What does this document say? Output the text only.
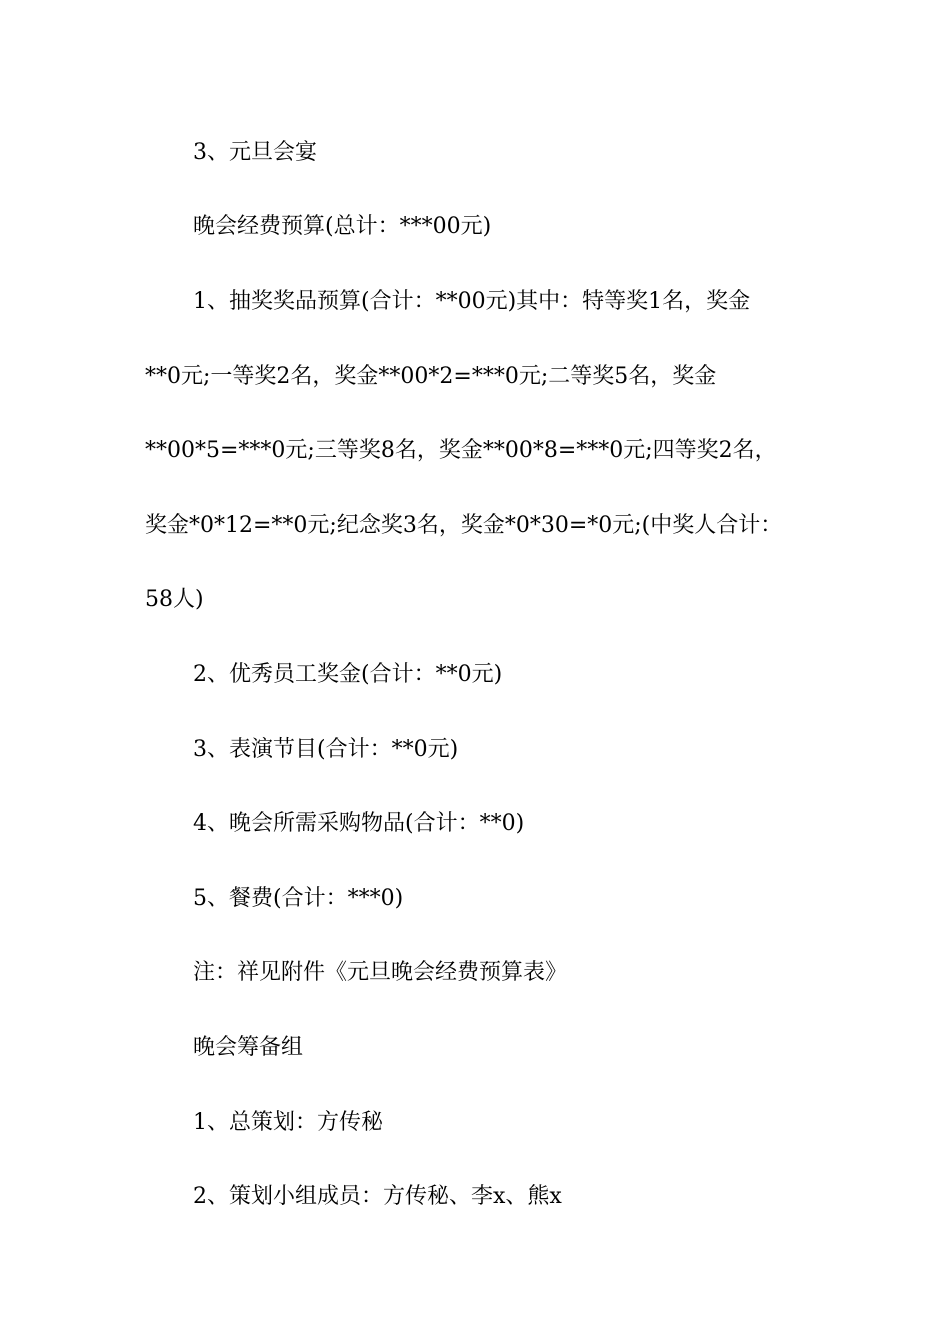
3、元旦会宴

晚会经费预算(总计：***00元)

1、抽奖奖品预算(合计：**00元)其中：特等奖1名，奖金

**0元;一等奖2名，奖金**00*2=***0元;二等奖5名，奖金

**00*5=***0元;三等奖8名，奖金**00*8=***0元;四等奖2名，

奖金*0*12=**0元;纪念奖3名，奖金*0*30=*0元;(中奖人合计：

58人)

2、优秀员工奖金(合计：**0元)

3、表演节目(合计：**0元)

4、晚会所需采购物品(合计：**0)

5、餐费(合计：***0)

注：祥见附件《元旦晚会经费预算表》

晚会筹备组

1、总策划：方传秘

2、策划小组成员：方传秘、李x、熊x
